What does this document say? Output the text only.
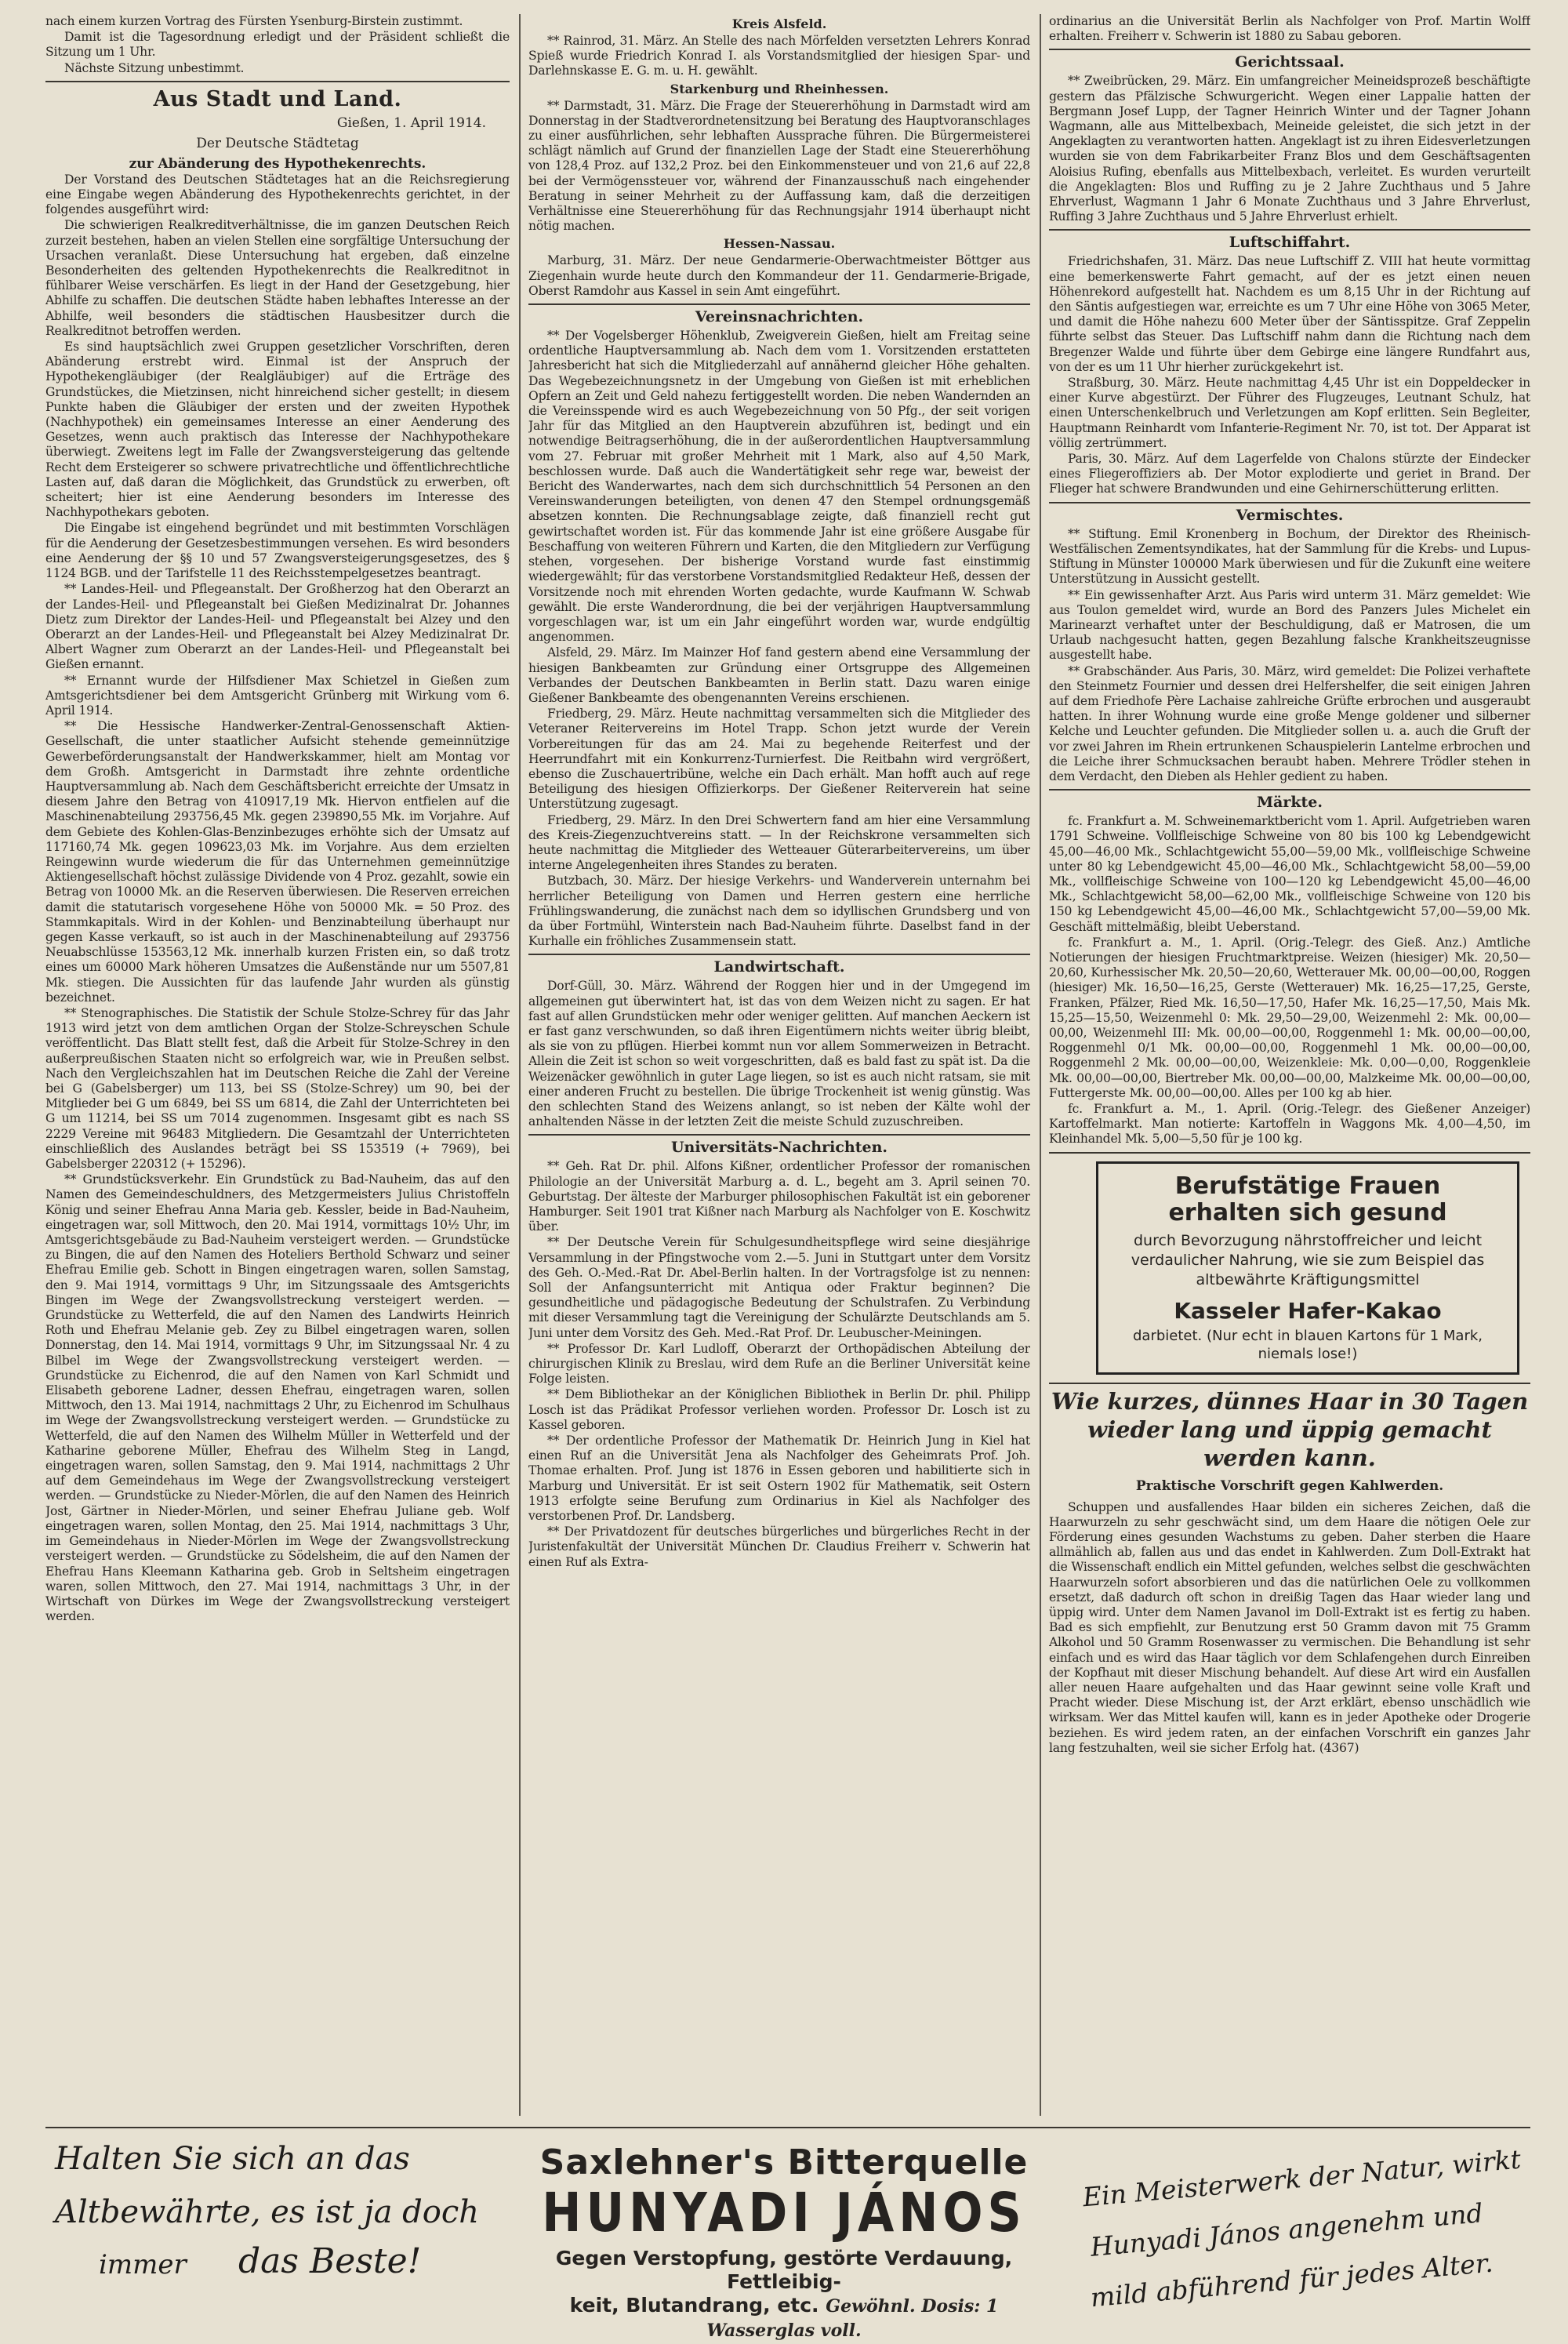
nach einem kurzen Vortrag des Fürsten Ysenburg-Birstein zustimmt.

Damit ist die Tagesordnung erledigt und der Präsident schließt die Sitzung um 1 Uhr.

Nächste Sitzung unbestimmt.

Aus Stadt und Land.
Gießen, 1. April 1914.
Der Deutsche Städtetag
zur Abänderung des Hypothekenrechts.

Der Vorstand des Deutschen Städtetages hat an die Reichsregierung eine Eingabe wegen Abänderung des Hypothekenrechts gerichtet, in der folgendes ausgeführt wird:

Die schwierigen Realkreditverhältnisse, die im ganzen Deutschen Reich zurzeit bestehen, haben an vielen Stellen eine sorgfältige Untersuchung der Ursachen veranlaßt. Diese Untersuchung hat ergeben, daß einzelne Besonderheiten des geltenden Hypothekenrechts die Realkreditnot in fühlbarer Weise verschärfen. Es liegt in der Hand der Gesetzgebung, hier Abhilfe zu schaffen. Die deutschen Städte haben lebhaftes Interesse an der Abhilfe, weil besonders die städtischen Hausbesitzer durch die Realkreditnot betroffen werden.

Es sind hauptsächlich zwei Gruppen gesetzlicher Vorschriften, deren Abänderung erstrebt wird. Einmal ist der Anspruch der Hypothekengläubiger (der Realgläubiger) auf die Erträge des Grundstückes, die Mietzinsen, nicht hinreichend sicher gestellt; in diesem Punkte haben die Gläubiger der ersten und der zweiten Hypothek (Nachhypothek) ein gemeinsames Interesse an einer Aenderung des Gesetzes, wenn auch praktisch das Interesse der Nachhypothekare überwiegt. Zweitens legt im Falle der Zwangsversteigerung das geltende Recht dem Ersteigerer so schwere privatrechtliche und öffentlichrechtliche Lasten auf, daß daran die Möglichkeit, das Grundstück zu erwerben, oft scheitert; hier ist eine Aenderung besonders im Interesse des Nachhypothekars geboten.

Die Eingabe ist eingehend begründet und mit bestimmten Vorschlägen für die Aenderung der Gesetzesbestimmungen versehen. Es wird besonders eine Aenderung der §§ 10 und 57 Zwangsversteigerungsgesetzes, des § 1124 BGB. und der Tarifstelle 11 des Reichsstempelgesetzes beantragt.

** Landes-Heil- und Pflegeanstalt. Der Großherzog hat den Oberarzt an der Landes-Heil- und Pflegeanstalt bei Gießen Medizinalrat Dr. Johannes Dietz zum Direktor der Landes-Heil- und Pflegeanstalt bei Alzey und den Oberarzt an der Landes-Heil- und Pflegeanstalt bei Alzey Medizinalrat Dr. Albert Wagner zum Oberarzt an der Landes-Heil- und Pflegeanstalt bei Gießen ernannt.

** Ernannt wurde der Hilfsdiener Max Schietzel in Gießen zum Amtsgerichtsdiener bei dem Amtsgericht Grünberg mit Wirkung vom 6. April 1914.

** Die Hessische Handwerker-Zentral-Genossenschaft Aktien-Gesellschaft, die unter staatlicher Aufsicht stehende gemeinnützige Gewerbeförderungsanstalt der Handwerkskammer, hielt am Montag vor dem Großh. Amtsgericht in Darmstadt ihre zehnte ordentliche Hauptversammlung ab. Nach dem Geschäftsbericht erreichte der Umsatz in diesem Jahre den Betrag von 410917,19 Mk. Hiervon entfielen auf die Maschinenabteilung 293756,45 Mk. gegen 239890,55 Mk. im Vorjahre. Auf dem Gebiete des Kohlen-Glas-Benzinbezuges erhöhte sich der Umsatz auf 117160,74 Mk. gegen 109623,03 Mk. im Vorjahre. Aus dem erzielten Reingewinn wurde wiederum die für das Unternehmen gemeinnützige Aktiengesellschaft höchst zulässige Dividende von 4 Proz. gezahlt, sowie ein Betrag von 10000 Mk. an die Reserven überwiesen. Die Reserven erreichen damit die statutarisch vorgesehene Höhe von 50000 Mk. = 50 Proz. des Stammkapitals. Wird in der Kohlen- und Benzinabteilung überhaupt nur gegen Kasse verkauft, so ist auch in der Maschinenabteilung auf 293756 Neuabschlüsse 153563,12 Mk. innerhalb kurzen Fristen ein, so daß trotz eines um 60000 Mark höheren Umsatzes die Außenstände nur um 5507,81 Mk. stiegen. Die Aussichten für das laufende Jahr wurden als günstig bezeichnet.

** Stenographisches. Die Statistik der Schule Stolze-Schrey für das Jahr 1913 wird jetzt von dem amtlichen Organ der Stolze-Schreyschen Schule veröffentlicht. Das Blatt stellt fest, daß die Arbeit für Stolze-Schrey in den außerpreußischen Staaten nicht so erfolgreich war, wie in Preußen selbst. Nach den Vergleichszahlen hat im Deutschen Reiche die Zahl der Vereine bei G (Gabelsberger) um 113, bei SS (Stolze-Schrey) um 90, bei der Mitglieder bei G um 6849, bei SS um 6814, die Zahl der Unterrichteten bei G um 11214, bei SS um 7014 zugenommen. Insgesamt gibt es nach SS 2229 Vereine mit 96483 Mitgliedern. Die Gesamtzahl der Unterrichteten einschließlich des Auslandes beträgt bei SS 153519 (+ 7969), bei Gabelsberger 220312 (+ 15296).

** Grundstücksverkehr. Ein Grundstück zu Bad-Nauheim, das auf den Namen des Gemeindeschuldners, des Metzgermeisters Julius Christoffeln König und seiner Ehefrau Anna Maria geb. Kessler, beide in Bad-Nauheim, eingetragen war, soll Mittwoch, den 20. Mai 1914, vormittags 10½ Uhr, im Amtsgerichtsgebäude zu Bad-Nauheim versteigert werden. — Grundstücke zu Bingen, die auf den Namen des Hoteliers Berthold Schwarz und seiner Ehefrau Emilie geb. Schott in Bingen eingetragen waren, sollen Samstag, den 9. Mai 1914, vormittags 9 Uhr, im Sitzungssaale des Amtsgerichts Bingen im Wege der Zwangsvollstreckung versteigert werden. — Grundstücke zu Wetterfeld, die auf den Namen des Landwirts Heinrich Roth und Ehefrau Melanie geb. Zey zu Bilbel eingetragen waren, sollen Donnerstag, den 14. Mai 1914, vormittags 9 Uhr, im Sitzungssaal Nr. 4 zu Bilbel im Wege der Zwangsvollstreckung versteigert werden. — Grundstücke zu Eichenrod, die auf den Namen von Karl Schmidt und Elisabeth geborene Ladner, dessen Ehefrau, eingetragen waren, sollen Mittwoch, den 13. Mai 1914, nachmittags 2 Uhr, zu Eichenrod im Schulhaus im Wege der Zwangsvollstreckung versteigert werden. — Grundstücke zu Wetterfeld, die auf den Namen des Wilhelm Müller in Wetterfeld und der Katharine geborene Müller, Ehefrau des Wilhelm Steg in Langd, eingetragen waren, sollen Samstag, den 9. Mai 1914, nachmittags 2 Uhr auf dem Gemeindehaus im Wege der Zwangsvollstreckung versteigert werden. — Grundstücke zu Nieder-Mörlen, die auf den Namen des Heinrich Jost, Gärtner in Nieder-Mörlen, und seiner Ehefrau Juliane geb. Wolf eingetragen waren, sollen Montag, den 25. Mai 1914, nachmittags 3 Uhr, im Gemeindehaus in Nieder-Mörlen im Wege der Zwangsvollstreckung versteigert werden. — Grundstücke zu Södelsheim, die auf den Namen der Ehefrau Hans Kleemann Katharina geb. Grob in Seltsheim eingetragen waren, sollen Mittwoch, den 27. Mai 1914, nachmittags 3 Uhr, in der Wirtschaft von Dürkes im Wege der Zwangsvollstreckung versteigert werden.

Kreis Alsfeld.

** Rainrod, 31. März. An Stelle des nach Mörfelden versetzten Lehrers Konrad Spieß wurde Friedrich Konrad I. als Vorstandsmitglied der hiesigen Spar- und Darlehnskasse E. G. m. u. H. gewählt.

Starkenburg und Rheinhessen.

** Darmstadt, 31. März. Die Frage der Steuererhöhung in Darmstadt wird am Donnerstag in der Stadtverordnetensitzung bei Beratung des Hauptvoranschlages zu einer ausführlichen, sehr lebhaften Aussprache führen. Die Bürgermeisterei schlägt nämlich auf Grund der finanziellen Lage der Stadt eine Steuererhöhung von 128,4 Proz. auf 132,2 Proz. bei den Einkommensteuer und von 21,6 auf 22,8 bei der Vermögenssteuer vor, während der Finanzausschuß nach eingehender Beratung in seiner Mehrheit zu der Auffassung kam, daß die derzeitigen Verhältnisse eine Steuererhöhung für das Rechnungsjahr 1914 überhaupt nicht nötig machen.

Hessen-Nassau.

Marburg, 31. März. Der neue Gendarmerie-Oberwachtmeister Böttger aus Ziegenhain wurde heute durch den Kommandeur der 11. Gendarmerie-Brigade, Oberst Ramdohr aus Kassel in sein Amt eingeführt.

Vereinsnachrichten.

** Der Vogelsberger Höhenklub, Zweigverein Gießen, hielt am Freitag seine ordentliche Hauptversammlung ab. Nach dem vom 1. Vorsitzenden erstatteten Jahresbericht hat sich die Mitgliederzahl auf annähernd gleicher Höhe gehalten. Das Wegebezeichnungsnetz in der Umgebung von Gießen ist mit erheblichen Opfern an Zeit und Geld nahezu fertiggestellt worden. Die neben Wandernden an die Vereinsspende wird es auch Wegebezeichnung von 50 Pfg., der seit vorigen Jahr für das Mitglied an den Hauptverein abzuführen ist, bedingt und ein notwendige Beitragserhöhung, die in der außerordentlichen Hauptversammlung vom 27. Februar mit großer Mehrheit mit 1 Mark, also auf 4,50 Mark, beschlossen wurde. Daß auch die Wandertätigkeit sehr rege war, beweist der Bericht des Wanderwartes, nach dem sich durchschnittlich 54 Personen an den Vereinswanderungen beteiligten, von denen 47 den Stempel ordnungsgemäß absetzen konnten. Die Rechnungsablage zeigte, daß finanziell recht gut gewirtschaftet worden ist. Für das kommende Jahr ist eine größere Ausgabe für Beschaffung von weiteren Führern und Karten, die den Mitgliedern zur Verfügung stehen, vorgesehen. Der bisherige Vorstand wurde fast einstimmig wiedergewählt; für das verstorbene Vorstandsmitglied Redakteur Heß, dessen der Vorsitzende noch mit ehrenden Worten gedachte, wurde Kaufmann W. Schwab gewählt. Die erste Wanderordnung, die bei der verjährigen Hauptversammlung vorgeschlagen war, ist um ein Jahr eingeführt worden war, wurde endgültig angenommen.

Alsfeld, 29. März. Im Mainzer Hof fand gestern abend eine Versammlung der hiesigen Bankbeamten zur Gründung einer Ortsgruppe des Allgemeinen Verbandes der Deutschen Bankbeamten in Berlin statt. Dazu waren einige Gießener Bankbeamte des obengenannten Vereins erschienen.

Friedberg, 29. März. Heute nachmittag versammelten sich die Mitglieder des Veteraner Reitervereins im Hotel Trapp. Schon jetzt wurde der Verein Vorbereitungen für das am 24. Mai zu begehende Reiterfest und der Heerrundfahrt mit ein Konkurrenz-Turnierfest. Die Reitbahn wird vergrößert, ebenso die Zuschauertribüne, welche ein Dach erhält. Man hofft auch auf rege Beteiligung des hiesigen Offizierkorps. Der Gießener Reiterverein hat seine Unterstützung zugesagt.

Friedberg, 29. März. In den Drei Schwertern fand am hier eine Versammlung des Kreis-Ziegenzuchtvereins statt. — In der Reichskrone versammelten sich heute nachmittag die Mitglieder des Wetteauer Güterarbeitervereins, um über interne Angelegenheiten ihres Standes zu beraten.

Butzbach, 30. März. Der hiesige Verkehrs- und Wanderverein unternahm bei herrlicher Beteiligung von Damen und Herren gestern eine herrliche Frühlingswanderung, die zunächst nach dem so idyllischen Grundsberg und von da über Fortmühl, Winterstein nach Bad-Nauheim führte. Daselbst fand in der Kurhalle ein fröhliches Zusammensein statt.

Landwirtschaft.

Dorf-Güll, 30. März. Während der Roggen hier und in der Umgegend im allgemeinen gut überwintert hat, ist das von dem Weizen nicht zu sagen. Er hat fast auf allen Grundstücken mehr oder weniger gelitten. Auf manchen Aeckern ist er fast ganz verschwunden, so daß ihren Eigentümern nichts weiter übrig bleibt, als sie von zu pflügen. Hierbei kommt nun vor allem Sommerweizen in Betracht. Allein die Zeit ist schon so weit vorgeschritten, daß es bald fast zu spät ist. Da die Weizenäcker gewöhnlich in guter Lage liegen, so ist es auch nicht ratsam, sie mit einer anderen Frucht zu bestellen. Die übrige Trockenheit ist wenig günstig. Was den schlechten Stand des Weizens anlangt, so ist neben der Kälte wohl der anhaltenden Nässe in der letzten Zeit die meiste Schuld zuzuschreiben.

Universitäts-Nachrichten.

** Geh. Rat Dr. phil. Alfons Kißner, ordentlicher Professor der romanischen Philologie an der Universität Marburg a. d. L., begeht am 3. April seinen 70. Geburtstag. Der älteste der Marburger philosophischen Fakultät ist ein geborener Hamburger. Seit 1901 trat Kißner nach Marburg als Nachfolger von E. Koschwitz über.

** Der Deutsche Verein für Schulgesundheitspflege wird seine diesjährige Versammlung in der Pfingstwoche vom 2.—5. Juni in Stuttgart unter dem Vorsitz des Geh. O.-Med.-Rat Dr. Abel-Berlin halten. In der Vortragsfolge ist zu nennen: Soll der Anfangsunterricht mit Antiqua oder Fraktur beginnen? Die gesundheitliche und pädagogische Bedeutung der Schulstrafen. Zu Verbindung mit dieser Versammlung tagt die Vereinigung der Schulärzte Deutschlands am 5. Juni unter dem Vorsitz des Geh. Med.-Rat Prof. Dr. Leubuscher-Meiningen.

** Professor Dr. Karl Ludloff, Oberarzt der Orthopädischen Abteilung der chirurgischen Klinik zu Breslau, wird dem Rufe an die Berliner Universität keine Folge leisten.

** Dem Bibliothekar an der Königlichen Bibliothek in Berlin Dr. phil. Philipp Losch ist das Prädikat Professor verliehen worden. Professor Dr. Losch ist zu Kassel geboren.

** Der ordentliche Professor der Mathematik Dr. Heinrich Jung in Kiel hat einen Ruf an die Universität Jena als Nachfolger des Geheimrats Prof. Joh. Thomae erhalten. Prof. Jung ist 1876 in Essen geboren und habilitierte sich in Marburg und Universität. Er ist seit Ostern 1902 für Mathematik, seit Ostern 1913 erfolgte seine Berufung zum Ordinarius in Kiel als Nachfolger des verstorbenen Prof. Dr. Landsberg.

** Der Privatdozent für deutsches bürgerliches und bürgerliches Recht in der Juristenfakultät der Universität München Dr. Claudius Freiherr v. Schwerin hat einen Ruf als Extra-

ordinarius an die Universität Berlin als Nachfolger von Prof. Martin Wolff erhalten. Freiherr v. Schwerin ist 1880 zu Sabau geboren.

Gerichtssaal.

** Zweibrücken, 29. März. Ein umfangreicher Meineidsprozeß beschäftigte gestern das Pfälzische Schwurgericht. Wegen einer Lappalie hatten der Bergmann Josef Lupp, der Tagner Heinrich Winter und der Tagner Johann Wagmann, alle aus Mittelbexbach, Meineide geleistet, die sich jetzt in der Angeklagten zu verantworten hatten. Angeklagt ist zu ihren Eidesverletzungen wurden sie von dem Fabrikarbeiter Franz Blos und dem Geschäftsagenten Aloisius Rufing, ebenfalls aus Mittelbexbach, verleitet. Es wurden verurteilt die Angeklagten: Blos und Ruffing zu je 2 Jahre Zuchthaus und 5 Jahre Ehrverlust, Wagmann 1 Jahr 6 Monate Zuchthaus und 3 Jahre Ehrverlust, Ruffing 3 Jahre Zuchthaus und 5 Jahre Ehrverlust erhielt.

Luftschiffahrt.

Friedrichshafen, 31. März. Das neue Luftschiff Z. VIII hat heute vormittag eine bemerkenswerte Fahrt gemacht, auf der es jetzt einen neuen Höhenrekord aufgestellt hat. Nachdem es um 8,15 Uhr in der Richtung auf den Säntis aufgestiegen war, erreichte es um 7 Uhr eine Höhe von 3065 Meter, und damit die Höhe nahezu 600 Meter über der Säntisspitze. Graf Zeppelin führte selbst das Steuer. Das Luftschiff nahm dann die Richtung nach dem Bregenzer Walde und führte über dem Gebirge eine längere Rundfahrt aus, von der es um 11 Uhr hierher zurückgekehrt ist.

Straßburg, 30. März. Heute nachmittag 4,45 Uhr ist ein Doppeldecker in einer Kurve abgestürzt. Der Führer des Flugzeuges, Leutnant Schulz, hat einen Unterschenkelbruch und Verletzungen am Kopf erlitten. Sein Begleiter, Hauptmann Reinhardt vom Infanterie-Regiment Nr. 70, ist tot. Der Apparat ist völlig zertrümmert.

Paris, 30. März. Auf dem Lagerfelde von Chalons stürzte der Eindecker eines Fliegeroffiziers ab. Der Motor explodierte und geriet in Brand. Der Flieger hat schwere Brandwunden und eine Gehirnerschütterung erlitten.

Vermischtes.

** Stiftung. Emil Kronenberg in Bochum, der Direktor des Rheinisch-Westfälischen Zementsyndikates, hat der Sammlung für die Krebs- und Lupus-Stiftung in Münster 100000 Mark überwiesen und für die Zukunft eine weitere Unterstützung in Aussicht gestellt.

** Ein gewissenhafter Arzt. Aus Paris wird unterm 31. März gemeldet: Wie aus Toulon gemeldet wird, wurde an Bord des Panzers Jules Michelet ein Marinearzt verhaftet unter der Beschuldigung, daß er Matrosen, die um Urlaub nachgesucht hatten, gegen Bezahlung falsche Krankheitszeugnisse ausgestellt habe.

** Grabschänder. Aus Paris, 30. März, wird gemeldet: Die Polizei verhaftete den Steinmetz Fournier und dessen drei Helfershelfer, die seit einigen Jahren auf dem Friedhofe Père Lachaise zahlreiche Grüfte erbrochen und ausgeraubt hatten. In ihrer Wohnung wurde eine große Menge goldener und silberner Kelche und Leuchter gefunden. Die Mitglieder sollen u. a. auch die Gruft der vor zwei Jahren im Rhein ertrunkenen Schauspielerin Lantelme erbrochen und die Leiche ihrer Schmucksachen beraubt haben. Mehrere Trödler stehen in dem Verdacht, den Dieben als Hehler gedient zu haben.

Märkte.

fc. Frankfurt a. M. Schweinemarktbericht vom 1. April. Aufgetrieben waren 1791 Schweine. Vollfleischige Schweine von 80 bis 100 kg Lebendgewicht 45,00—46,00 Mk., Schlachtgewicht 55,00—59,00 Mk., vollfleischige Schweine unter 80 kg Lebendgewicht 45,00—46,00 Mk., Schlachtgewicht 58,00—59,00 Mk., vollfleischige Schweine von 100—120 kg Lebendgewicht 45,00—46,00 Mk., Schlachtgewicht 58,00—62,00 Mk., vollfleischige Schweine von 120 bis 150 kg Lebendgewicht 45,00—46,00 Mk., Schlachtgewicht 57,00—59,00 Mk. Geschäft mittelmäßig, bleibt Ueberstand.

fc. Frankfurt a. M., 1. April. (Orig.-Telegr. des Gieß. Anz.) Amtliche Notierungen der hiesigen Fruchtmarktpreise. Weizen (hiesiger) Mk. 20,50—20,60, Kurhessischer Mk. 20,50—20,60, Wetterauer Mk. 00,00—00,00, Roggen (hiesiger) Mk. 16,50—16,25, Gerste (Wetterauer) Mk. 16,25—17,25, Gerste, Franken, Pfälzer, Ried Mk. 16,50—17,50, Hafer Mk. 16,25—17,50, Mais Mk. 15,25—15,50, Weizenmehl 0: Mk. 29,50—29,00, Weizenmehl 2: Mk. 00,00—00,00, Weizenmehl III: Mk. 00,00—00,00, Roggenmehl 1: Mk. 00,00—00,00, Roggenmehl 0/1 Mk. 00,00—00,00, Roggenmehl 1 Mk. 00,00—00,00, Roggenmehl 2 Mk. 00,00—00,00, Weizenkleie: Mk. 0,00—0,00, Roggenkleie Mk. 00,00—00,00, Biertreber Mk. 00,00—00,00, Malzkeime Mk. 00,00—00,00, Futtergerste Mk. 00,00—00,00. Alles per 100 kg ab hier.

fc. Frankfurt a. M., 1. April. (Orig.-Telegr. des Gießener Anzeiger) Kartoffelmarkt. Man notierte: Kartoffeln in Waggons Mk. 4,00—4,50, im Kleinhandel Mk. 5,00—5,50 für je 100 kg.

Berufstätige Frauen
erhalten sich gesund
durch Bevorzugung nährstoffreicher und leicht verdaulicher Nahrung, wie sie zum Beispiel das altbewährte Kräftigungsmittel
Kasseler Hafer-Kakao
darbietet. (Nur echt in blauen Kartons für 1 Mark, niemals lose!)
Wie kurzes, dünnes Haar in 30 Tagen wieder lang und üppig gemacht werden kann.
Praktische Vorschrift gegen Kahlwerden.

Schuppen und ausfallendes Haar bilden ein sicheres Zeichen, daß die Haarwurzeln zu sehr geschwächt sind, um dem Haare die nötigen Oele zur Förderung eines gesunden Wachstums zu geben. Daher sterben die Haare allmählich ab, fallen aus und das endet in Kahlwerden. Zum Doll-Extrakt hat die Wissenschaft endlich ein Mittel gefunden, welches selbst die geschwächten Haarwurzeln sofort absorbieren und das die natürlichen Oele zu vollkommen ersetzt, daß dadurch oft schon in dreißig Tagen das Haar wieder lang und üppig wird. Unter dem Namen Javanol im Doll-Extrakt ist es fertig zu haben. Bad es sich empfiehlt, zur Benutzung erst 50 Gramm davon mit 75 Gramm Alkohol und 50 Gramm Rosenwasser zu vermischen. Die Behandlung ist sehr einfach und es wird das Haar täglich vor dem Schlafengehen durch Einreiben der Kopfhaut mit dieser Mischung behandelt. Auf diese Art wird ein Ausfallen aller neuen Haare aufgehalten und das Haar gewinnt seine volle Kraft und Pracht wieder. Diese Mischung ist, der Arzt erklärt, ebenso unschädlich wie wirksam. Wer das Mittel kaufen will, kann es in jeder Apotheke oder Drogerie beziehen. Es wird jedem raten, an der einfachen Vorschrift ein ganzes Jahr lang festzuhalten, weil sie sicher Erfolg hat. (4367)

Halten Sie sich an das
Altbewährte, es ist ja doch
immer das Beste!
Saxlehner's Bitterquelle
HUNYADI JÁNOS
Gegen Verstopfung, gestörte Verdauung, Fettleibig-
keit, Blutandrang, etc. Gewöhnl. Dosis: 1 Wasserglas voll.
Ein Meisterwerk der Natur, wirkt
Hunyadi János angenehm und
mild abführend für jedes Alter.
